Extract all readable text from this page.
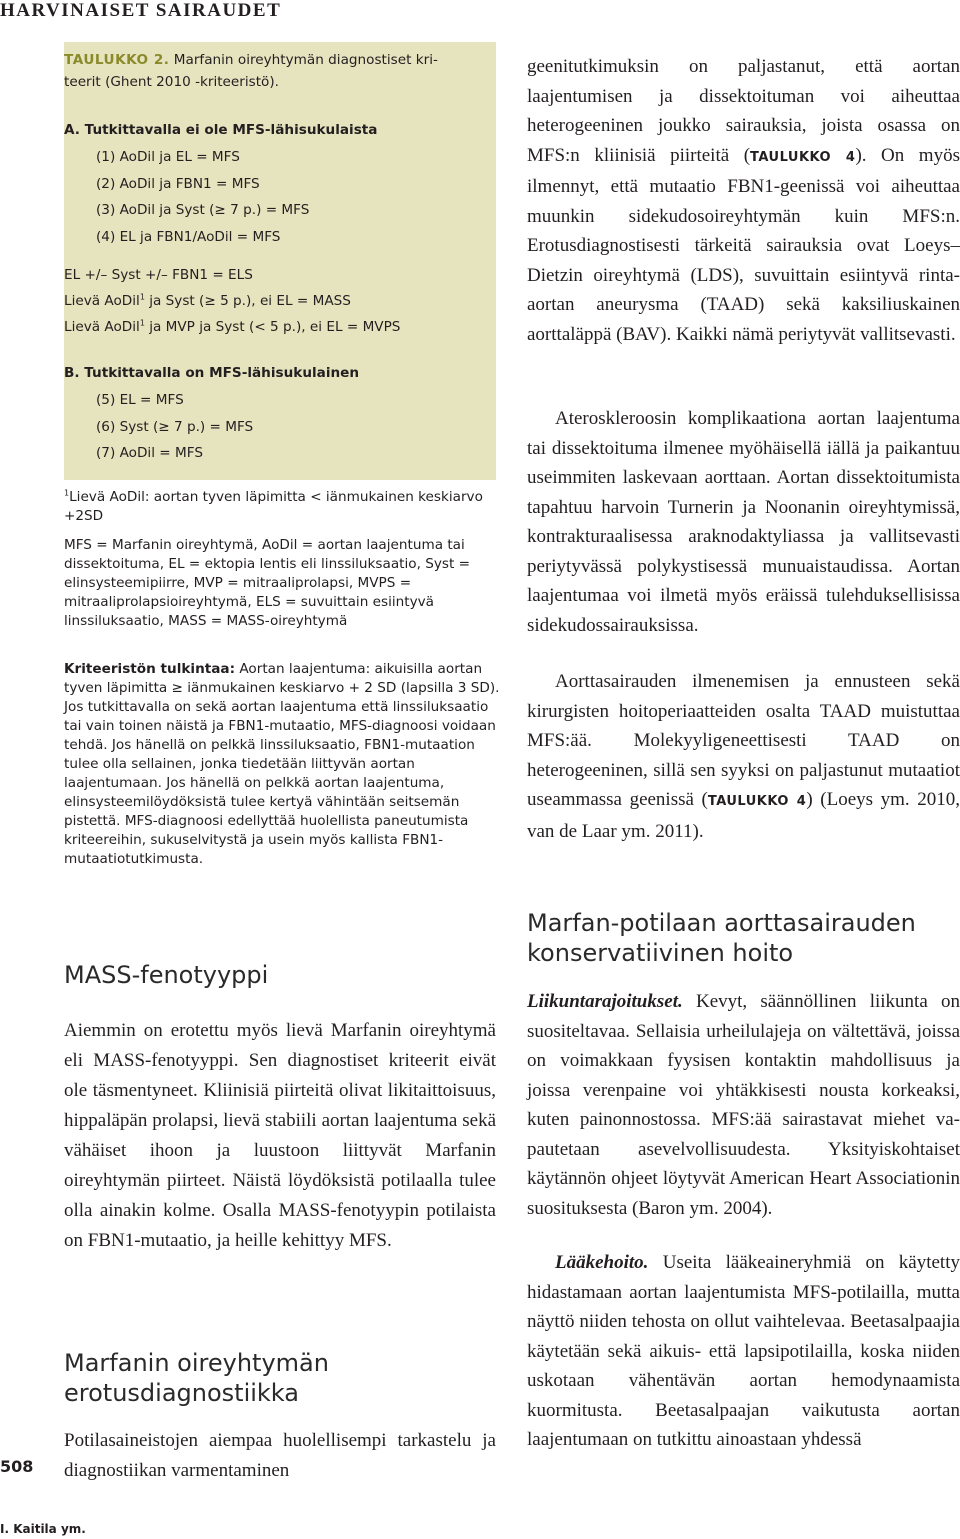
HARVINAISET SAIRAUDET
TAULUKKO 2. Marfanin oireyhtymän diagnostiset kri-
teerit (Ghent 2010 -kriteeristö).
A. Tutkittavalla ei ole MFS-lähisukulaista
(1) AoDil ja EL = MFS
(2) AoDil ja FBN1 = MFS
(3) AoDil ja Syst (≥ 7 p.) = MFS
(4) EL ja FBN1/AoDil = MFS
EL +/– Syst +/– FBN1 = ELS
Lievä AoDil$^1$ ja Syst (≥ 5 p.), ei EL = MASS
Lievä AoDil$^1$ ja MVP ja Syst (< 5 p.), ei EL = MVPS
B. Tutkittavalla on MFS-lähisukulainen
(5) EL = MFS
(6) Syst (≥ 7 p.) = MFS
(7) AoDil = MFS
$^1$Lievä AoDil: aortan tyven läpimitta < iänmukainen keskiarvo +2SD
MFS = Marfanin oireyhtymä, AoDil = aortan laajentuma tai dissektoituma, EL = ektopia lentis eli linssiluksaatio, Syst = elinsysteemipiirre, MVP = mitraaliprolapsi, MVPS = mitraaliprolapsioireyhtymä, ELS = suvuittain esiintyvä linssiluksaatio, MASS = MASS-oireyhtymä
Kriteeristön tulkintaa: Aortan laajentuma: aikuisilla aortan tyven läpimitta ≥ iänmukainen keskiarvo + 2 SD (lapsilla 3 SD). Jos tutkittavalla on sekä aortan laajentuma että linssiluksaatio tai vain toinen näistä ja FBN1-mutaatio, MFS-diagnoosi voidaan tehdä. Jos hänellä on pelkkä linssiluksaatio, FBN1-mutaation tulee olla sellainen, jonka tiedetään liittyvän aortan laajentumaan. Jos hänellä on pelkkä aortan laajentuma, elinsysteemilöydöksistä tulee kertyä vähintään seitsemän pistettä. MFS-diagnoosi edellyttää huolellista paneutumista kriteereihin, sukuselvitystä ja usein myös kallista FBN1-mutaatiotutkimusta.
MASS-fenotyyppi
Aiemmin on erotettu myös lievä Marfanin oireyhtymä eli MASS-fenotyyppi. Sen diagnostiset kriteerit eivät ole täsmentyneet. Kliinisiä piirteitä olivat likitaittoisuus, hippaläpän prolapsi, lievä stabiili aortan laajentuma sekä vähäiset ihoon ja luustoon liittyvät Marfanin oireyhtymän piirteet. Näistä löydöksistä potilaalla tulee olla ainakin kolme. Osalla MASS-fenotyypin potilaista on FBN1-mutaatio, ja heille kehittyy MFS.
Marfanin oireyhtymän
erotusdiagnostiikka
Potilasaineistojen aiempaa huolellisempi tarkastelu ja diagnostiikan varmentaminen
geenitutkimuksin on paljastanut, että aortan laajentumisen ja dissektoituman voi aiheuttaa heterogeeninen joukko sairauksia, joista osassa on MFS:n kliinisiä piirteitä (TAULUKKO 4). On myös ilmennyt, että mutaatio FBN1-geenissä voi aiheuttaa muunkin sidekudosoireyhtymän kuin MFS:n. Erotusdiagnostisesti tärkeitä sairauksia ovat Loeys–Dietzin oireyhtymä (LDS), suvuittain esiintyvä rintaaortan aneurysma (TAAD) sekä kaksiliuskainen aorttaläppä (BAV). Kaikki nämä periytyvät vallitsevasti.
Ateroskleroosin komplikaationa aortan laajentuma tai dissektoituma ilmenee myöhäisellä iällä ja paikantuu useimmiten laskevaan aorttaan. Aortan dissektoitumista tapahtuu harvoin Turnerin ja Noonanin oireyhtymissä, kontrakturaalisessa araknodaktyliassa ja vallitsevasti periytyvässä polykystisessä munuaistaudissa. Aortan laajentumaa voi ilmetä myös eräissä tulehduksellisissa sidekudossairauksissa.
Aorttasairauden ilmenemisen ja ennusteen sekä kirurgisten hoitoperiaatteiden osalta TAAD muistuttaa MFS:ää. Molekyyligeneettisesti TAAD on heterogeeninen, sillä sen syyksi on paljastunut mutaatiot useammassa geenissä (TAULUKKO 4) (Loeys ym. 2010, van de Laar ym. 2011).
Marfan-potilaan aorttasairauden konservatiivinen hoito
Liikuntarajoitukset. Kevyt, säännöllinen liikunta on suositeltavaa. Sellaisia urheilulajeja on vältettävä, joissa on voimakkaan fyysisen kontaktin mahdollisuus ja joissa verenpaine voi yhtäkkisesti nousta korkeaksi, kuten painonnostossa. MFS:ää sairastavat miehet vapautetaan asevelvollisuudesta. Yksityiskohtaiset käytännön ohjeet löytyvät American Heart Associationin suosituksesta (Baron ym. 2004).
Lääkehoito. Useita lääkeaineryhmiä on käytetty hidastamaan aortan laajentumista MFS-potilailla, mutta näyttö niiden tehosta on ollut vaihtelevaa. Beetasalpaajia käytetään sekä aikuis- että lapsipotilailla, koska niiden uskotaan vähentävän aortan hemodynaamista kuormitusta. Beetasalpaajan vaikutusta aortan laajentumaan on tutkittu ainoastaan yhdessä
508
I. Kaitila ym.
